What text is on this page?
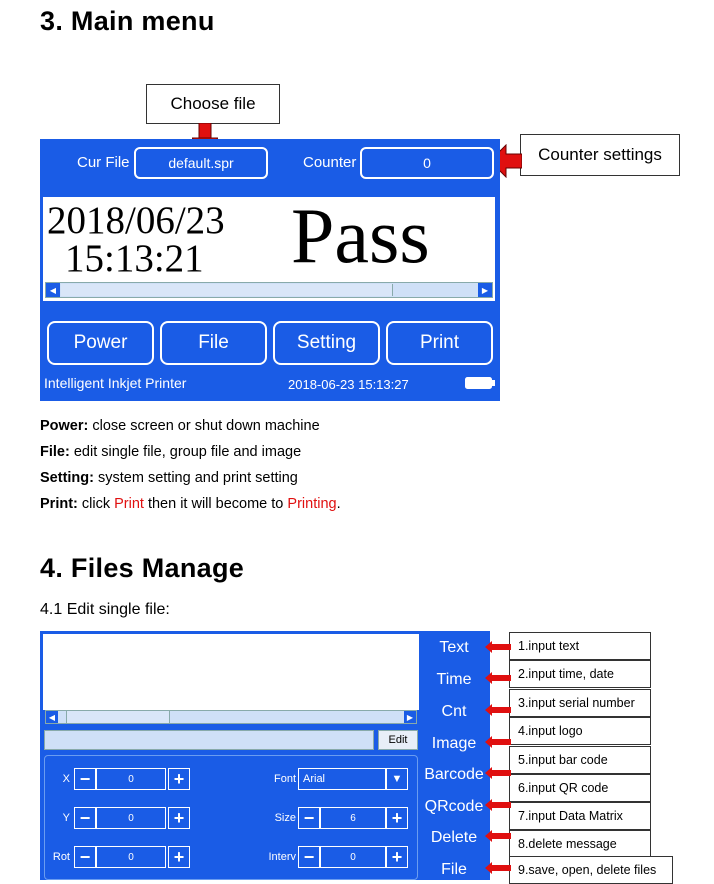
3. Main menu
Choose file
Counter settings
Cur File	default.spr	Counter	0
2018/06/23
15:13:21 Pass
◀	▶
Power	File	Setting	Print
Intelligent Inkjet Printer	2018-06-23 15:13:27
Power: close screen or shut down machine
File: edit single file, group file and image
Setting: system setting and print setting
Print: click Print then it will become to Printing.
4. Files Manage
4.1 Edit single file:
◀	▶
Edit
X −	0	+	Font Arial	▼
Y −	0	+	Size −	6	+
Rot −	0	+	Interv −	0	+
Text
Time
Cnt
Image
Barcode
QRcode
Delete
File
1.input text
2.input time, date
3.input serial number
4.input logo
5.input bar code
6.input QR code
7.input Data Matrix
8.delete message
9.save, open, delete files
